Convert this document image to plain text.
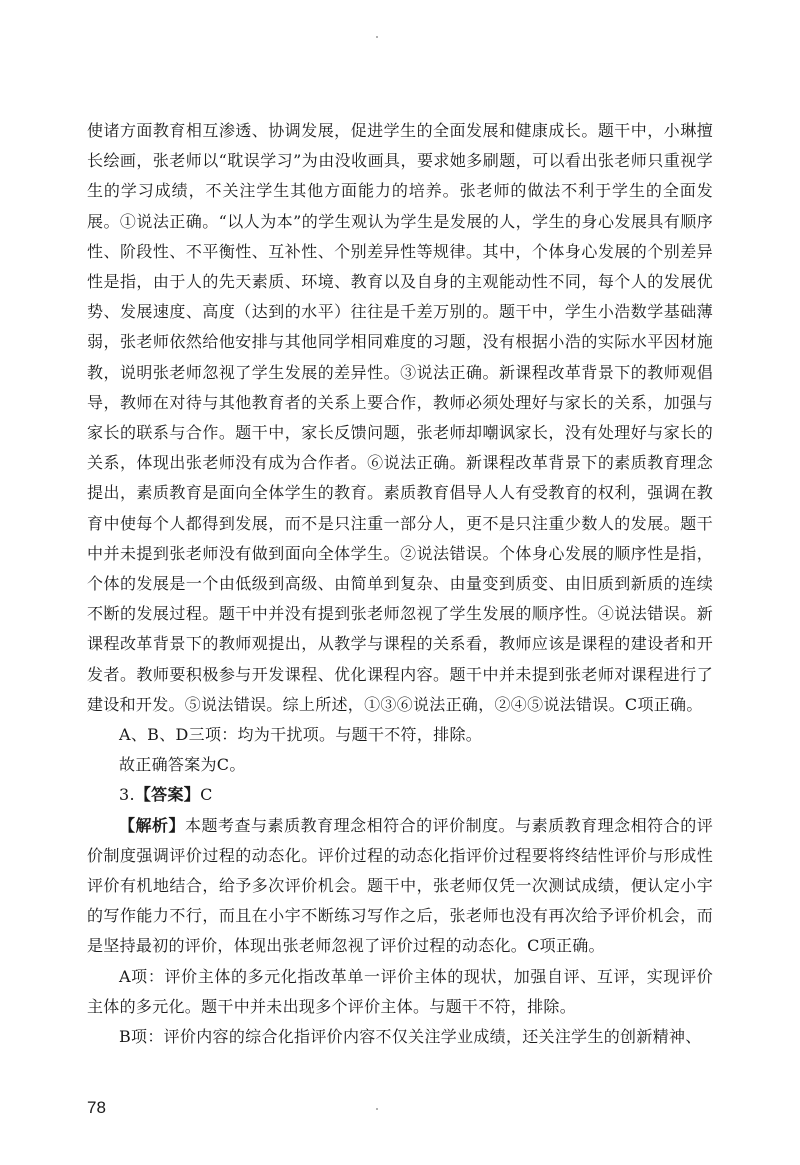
使诸方面教育相互渗透、协调发展，促进学生的全面发展和健康成长。题干中，小琳擅长绘画，张老师以“耽误学习”为由没收画具，要求她多刷题，可以看出张老师只重视学生的学习成绩，不关注学生其他方面能力的培养。张老师的做法不利于学生的全面发展。①说法正确。“以人为本”的学生观认为学生是发展的人，学生的身心发展具有顺序性、阶段性、不平衡性、互补性、个别差异性等规律。其中，个体身心发展的个别差异性是指，由于人的先天素质、环境、教育以及自身的主观能动性不同，每个人的发展优势、发展速度、高度（达到的水平）往往是千差万别的。题干中，学生小浩数学基础薄弱，张老师依然给他安排与其他同学相同难度的习题，没有根据小浩的实际水平因材施教，说明张老师忽视了学生发展的差异性。③说法正确。新课程改革背景下的教师观倡导，教师在对待与其他教育者的关系上要合作，教师必须处理好与家长的关系，加强与家长的联系与合作。题干中，家长反馈问题，张老师却嘲讽家长，没有处理好与家长的关系，体现出张老师没有成为合作者。⑥说法正确。新课程改革背景下的素质教育理念提出，素质教育是面向全体学生的教育。素质教育倡导人人有受教育的权利，强调在教育中使每个人都得到发展，而不是只注重一部分人，更不是只注重少数人的发展。题干中并未提到张老师没有做到面向全体学生。②说法错误。个体身心发展的顺序性是指，个体的发展是一个由低级到高级、由简单到复杂、由量变到质变、由旧质到新质的连续不断的发展过程。题干中并没有提到张老师忽视了学生发展的顺序性。④说法错误。新课程改革背景下的教师观提出，从教学与课程的关系看，教师应该是课程的建设者和开发者。教师要积极参与开发课程、优化课程内容。题干中并未提到张老师对课程进行了建设和开发。⑤说法错误。综上所述，①③⑥说法正确，②④⑤说法错误。C项正确。

A、B、D三项：均为干扰项。与题干不符，排除。

故正确答案为C。

3.【答案】C

【解析】本题考查与素质教育理念相符合的评价制度。与素质教育理念相符合的评价制度强调评价过程的动态化。评价过程的动态化指评价过程要将终结性评价与形成性评价有机地结合，给予多次评价机会。题干中，张老师仅凭一次测试成绩，便认定小宇的写作能力不行，而且在小宇不断练习写作之后，张老师也没有再次给予评价机会，而是坚持最初的评价，体现出张老师忽视了评价过程的动态化。C项正确。

A项：评价主体的多元化指改革单一评价主体的现状，加强自评、互评，实现评价主体的多元化。题干中并未出现多个评价主体。与题干不符，排除。

B项：评价内容的综合化指评价内容不仅关注学业成绩，还关注学生的创新精神、

78
